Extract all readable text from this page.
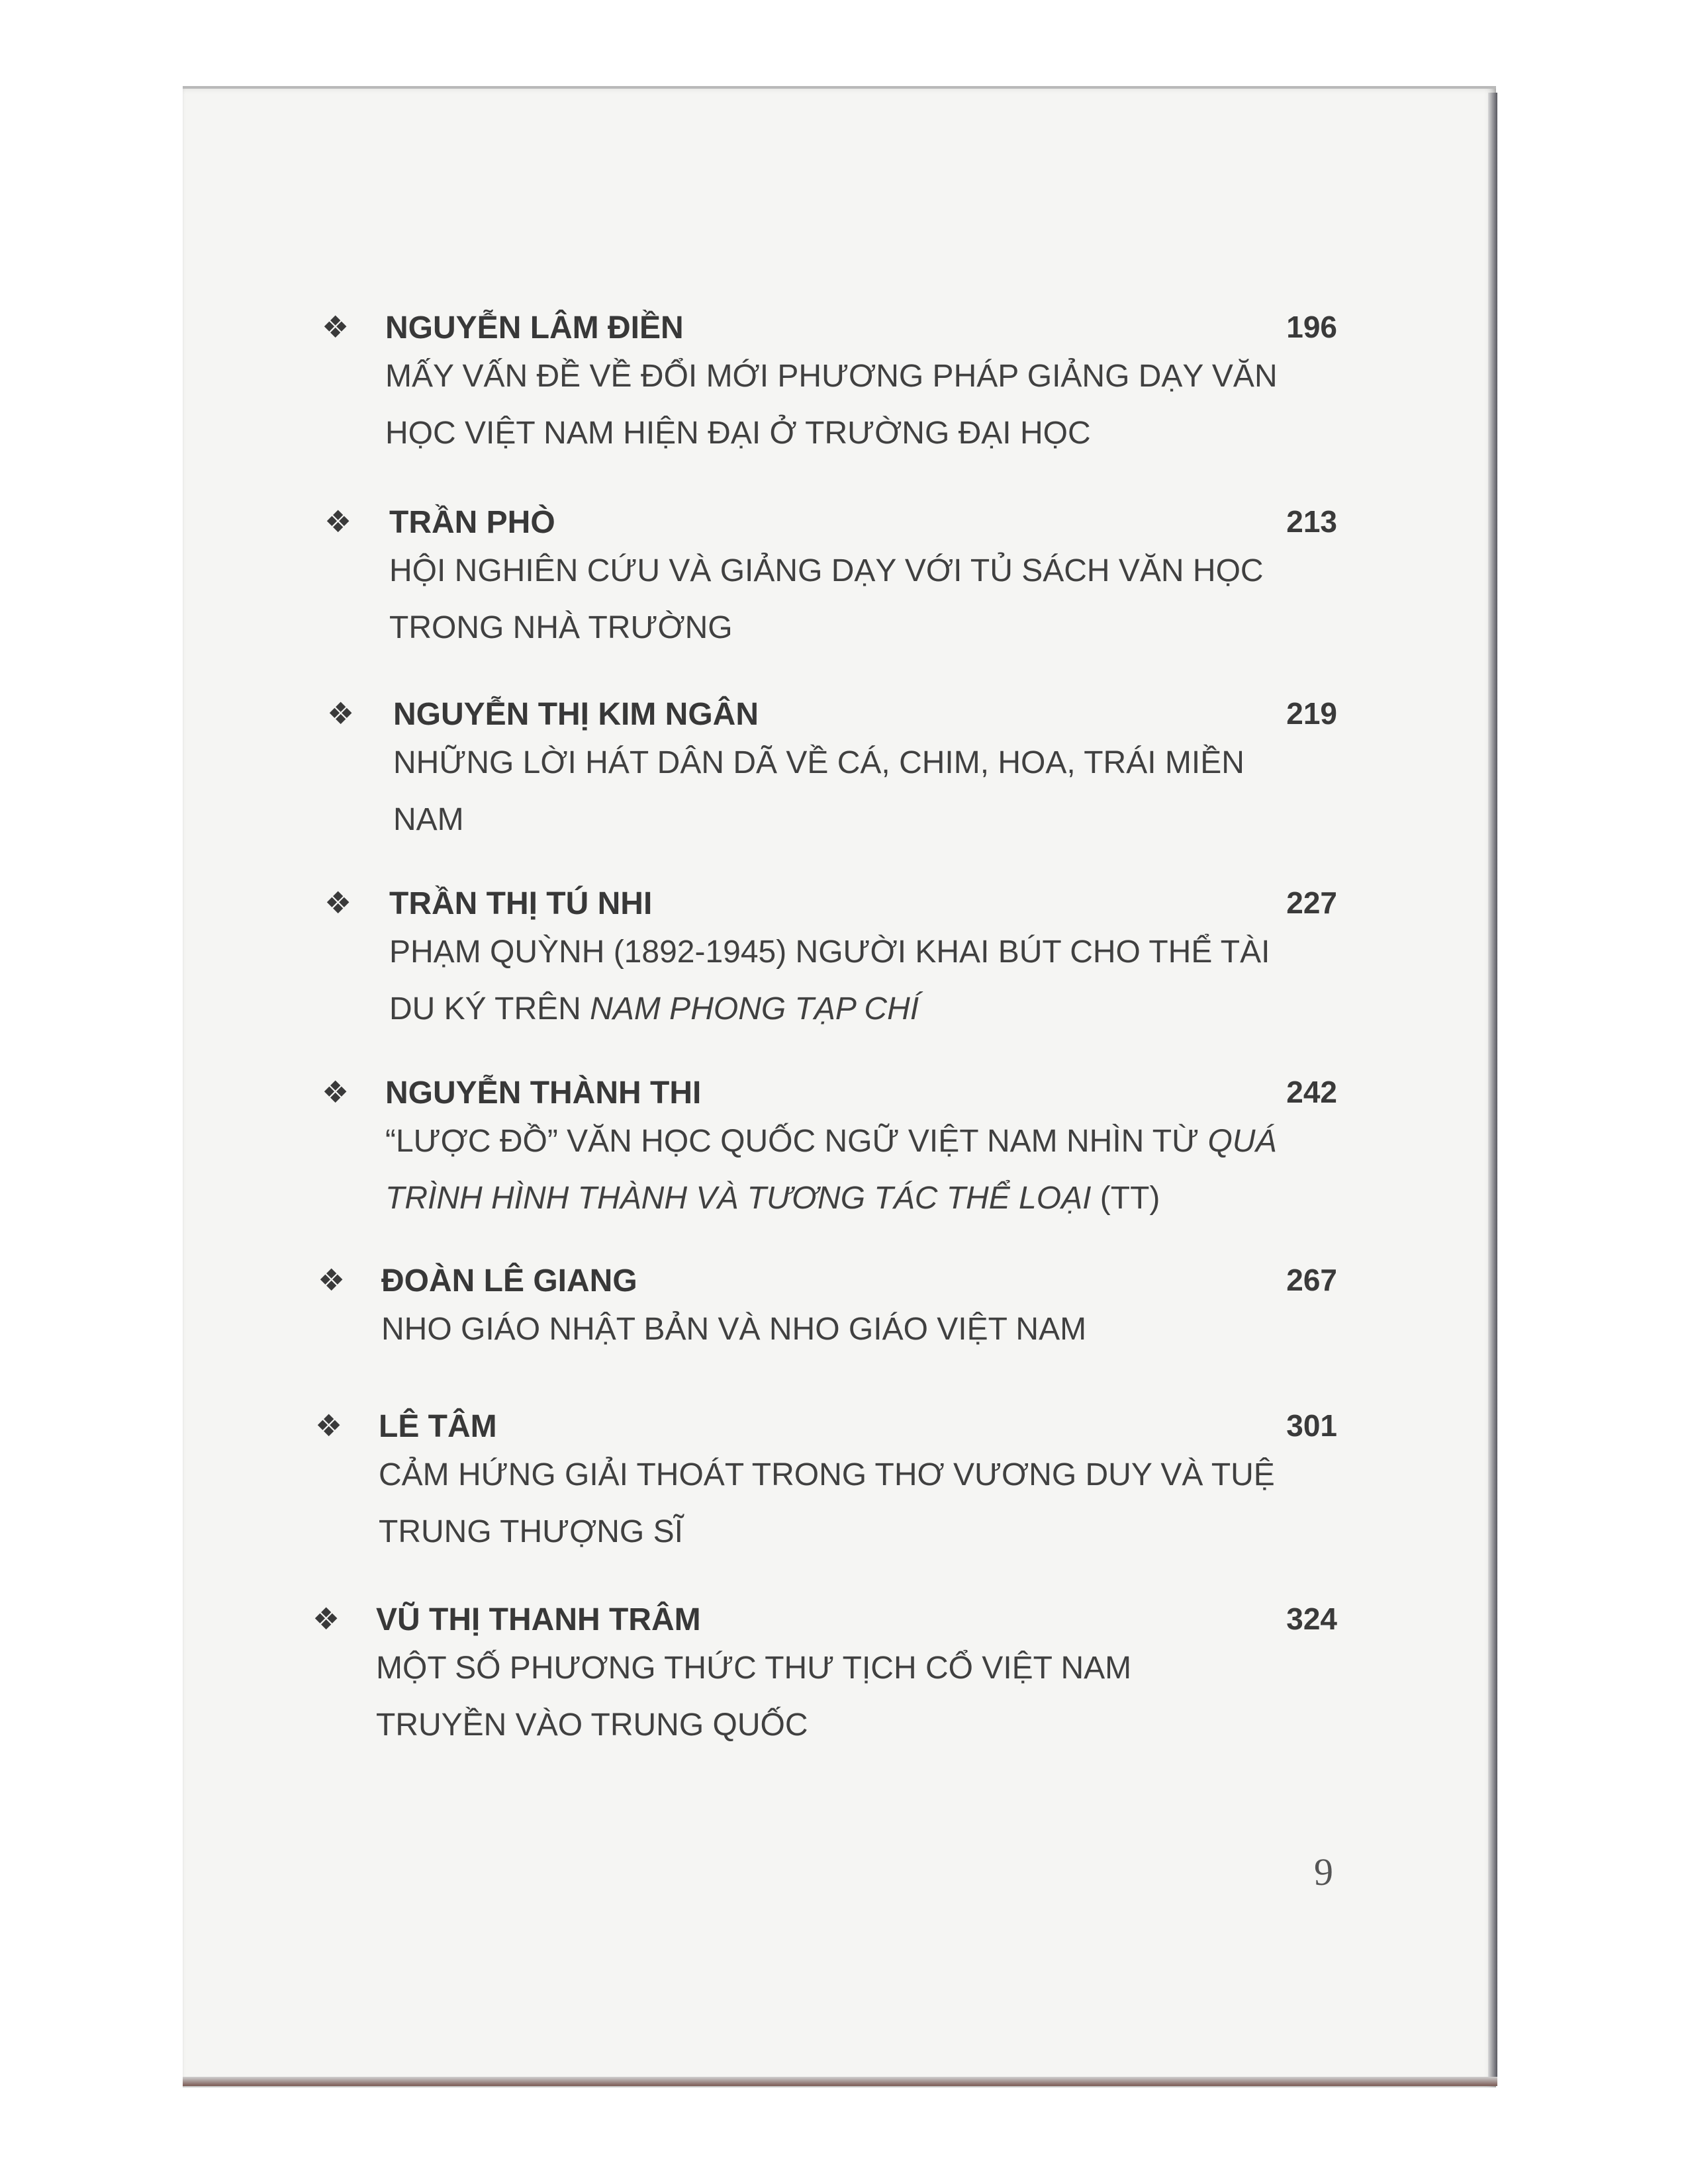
❖ NGUYỄN LÂM ĐIỀN	196
MẤY VẤN ĐỀ VỀ ĐỔI MỚI PHƯƠNG PHÁP GIẢNG DẠY VĂN
HỌC VIỆT NAM HIỆN ĐẠI Ở TRƯỜNG ĐẠI HỌC
❖ TRẦN PHÒ	213
HỘI NGHIÊN CỨU VÀ GIẢNG DẠY VỚI TỦ SÁCH VĂN HỌC
TRONG NHÀ TRƯỜNG
❖ NGUYỄN THỊ KIM NGÂN	219
NHỮNG LỜI HÁT DÂN DÃ VỀ CÁ, CHIM, HOA, TRÁI MIỀN
NAM
❖ TRẦN THỊ TÚ NHI	227
PHẠM QUỲNH (1892-1945) NGƯỜI KHAI BÚT CHO THỂ TÀI
DU KÝ TRÊN NAM PHONG TẠP CHÍ
❖ NGUYỄN THÀNH THI	242
“LƯỢC ĐỒ” VĂN HỌC QUỐC NGỮ VIỆT NAM NHÌN TỪ QUÁ
TRÌNH HÌNH THÀNH VÀ TƯƠNG TÁC THỂ LOẠI (TT)
❖ ĐOÀN LÊ GIANG	267
NHO GIÁO NHẬT BẢN VÀ NHO GIÁO VIỆT NAM
❖ LÊ TÂM	301
CẢM HỨNG GIẢI THOÁT TRONG THƠ VƯƠNG DUY VÀ TUỆ
TRUNG THƯỢNG SĨ
❖ VŨ THỊ THANH TRÂM	324
MỘT SỐ PHƯƠNG THỨC THƯ TỊCH CỔ VIỆT NAM
TRUYỀN VÀO TRUNG QUỐC
9
